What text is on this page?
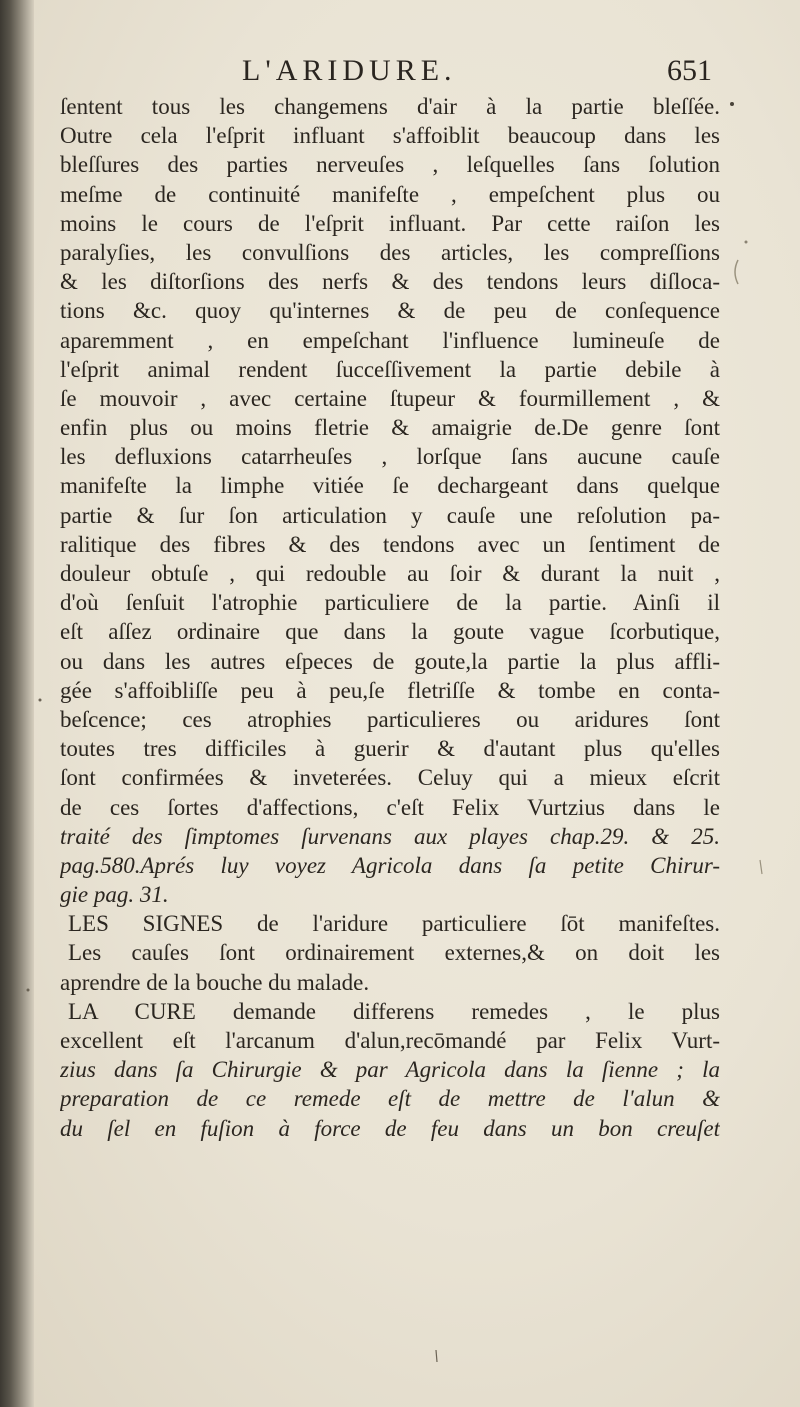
L'ARIDURE.	651
ſentent tous les changemens d'air à la partie bleſſée.
Outre cela l'eſprit influant s'affoiblit beaucoup dans les
bleſſures des parties nerveuſes , leſquelles ſans ſolution
meſme de continuité manifeſte , empeſchent plus ou
moins le cours de l'eſprit influant. Par cette raiſon les
paralyſies, les convulſions des articles, les compreſſions
& les diſtorſions des nerfs & des tendons leurs diſloca-
tions &c. quoy qu'internes & de peu de conſequence
aparemment , en empeſchant l'influence lumineuſe de
l'eſprit animal rendent ſucceſſivement la partie debile à
ſe mouvoir , avec certaine ſtupeur & fourmillement , &
enfin plus ou moins fletrie & amaigrie de.De genre ſont
les defluxions catarrheuſes , lorſque ſans aucune cauſe
manifeſte la limphe vitiée ſe dechargeant dans quelque
partie & ſur ſon articulation y cauſe une reſolution pa-
ralitique des fibres & des tendons avec un ſentiment de
douleur obtuſe , qui redouble au ſoir & durant la nuit ,
d'où ſenſuit l'atrophie particuliere de la partie. Ainſi il
eſt aſſez ordinaire que dans la goute vague ſcorbutique,
ou dans les autres eſpeces de goute,la partie la plus affli-
gée s'affoibliſſe peu à peu,ſe fletriſſe & tombe en conta-
beſcence; ces atrophies particulieres ou aridures ſont
toutes tres difficiles à guerir & d'autant plus qu'elles
ſont confirmées & inveterées. Celuy qui a mieux eſcrit
de ces ſortes d'affections, c'eſt Felix Vurtzius dans le
traité des ſimptomes ſurvenans aux playes chap.29. & 25.
pag.580.Aprés luy voyez Agricola dans ſa petite Chirur-
gie pag. 31.
LES SIGNES de l'aridure particuliere ſōt manifeſtes.
Les cauſes ſont ordinairement externes,& on doit les
aprendre de la bouche du malade.
LA CURE demande differens remedes , le plus
excellent eſt l'arcanum d'alun,recōmandé par Felix Vurt-
zius dans ſa Chirurgie & par Agricola dans la ſienne ; la
preparation de ce remede eſt de mettre de l'alun &
du ſel en fuſion à force de feu dans un bon creuſet
